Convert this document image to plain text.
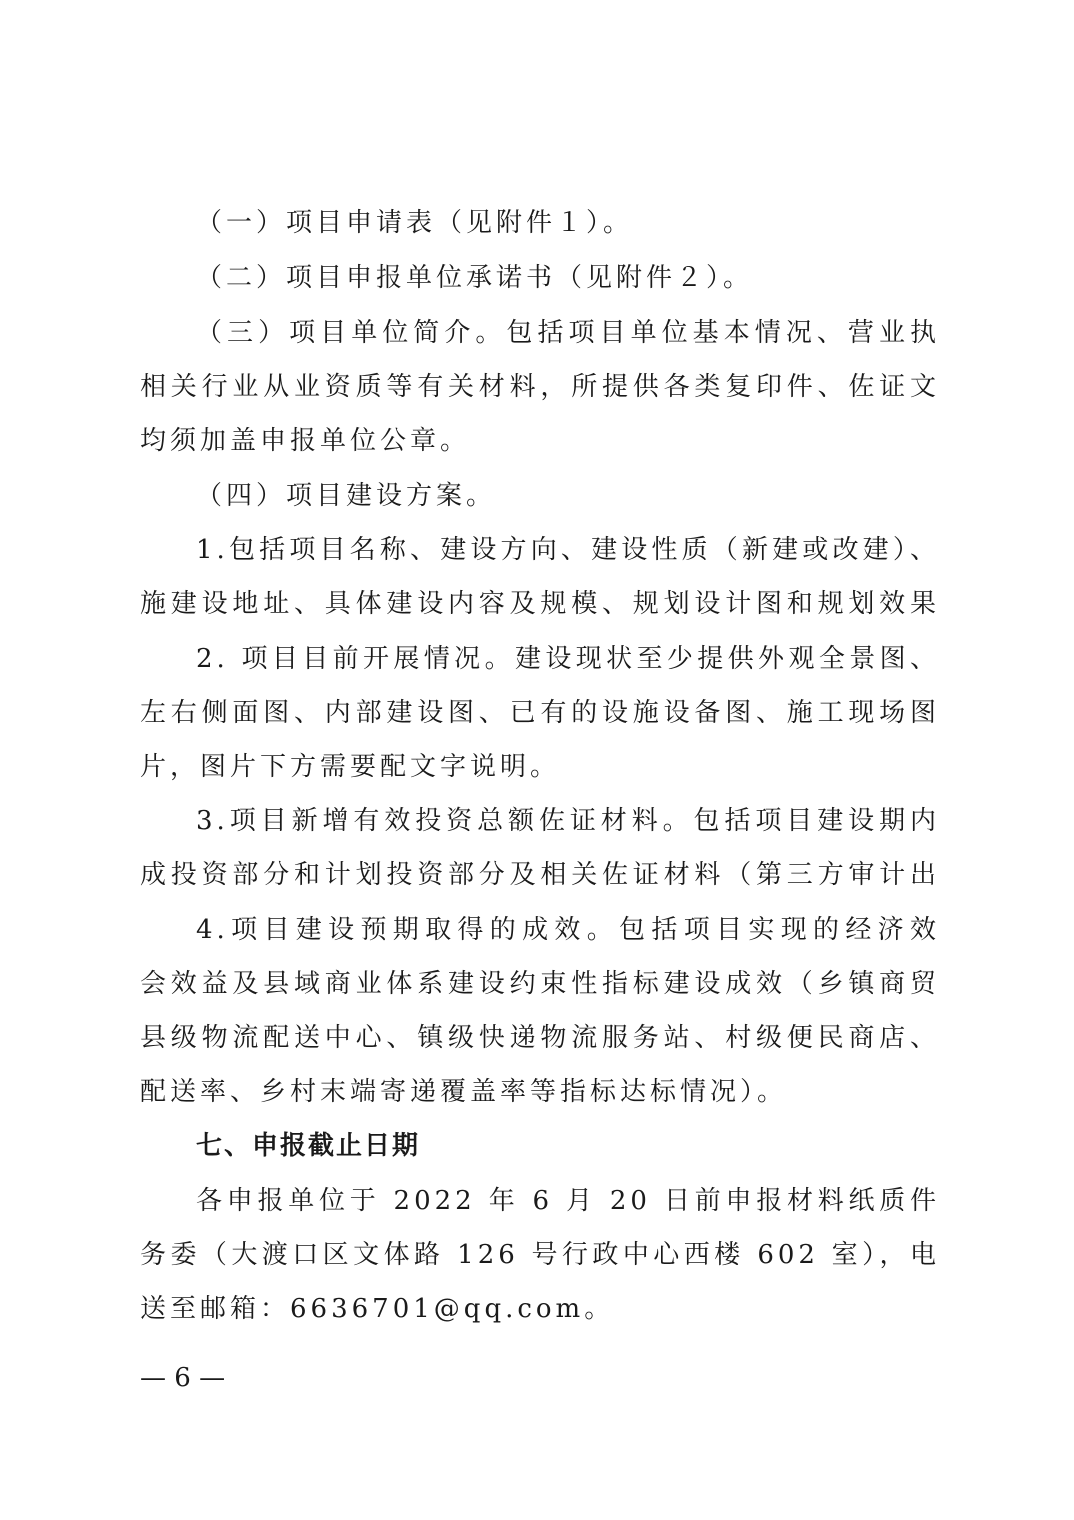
（一）项目申请表（见附件１）。
（二）项目申报单位承诺书（见附件２）。
（三）项目单位简介。包括项目单位基本情况、营业执
相关行业从业资质等有关材料，所提供各类复印件、佐证文
均须加盖申报单位公章。
（四）项目建设方案。
1.包括项目名称、建设方向、建设性质（新建或改建）、
施建设地址、具体建设内容及规模、规划设计图和规划效果
2. 项目目前开展情况。建设现状至少提供外观全景图、
左右侧面图、内部建设图、已有的设施设备图、施工现场图
片，图片下方需要配文字说明。
3.项目新增有效投资总额佐证材料。包括项目建设期内
成投资部分和计划投资部分及相关佐证材料（第三方审计出
4.项目建设预期取得的成效。包括项目实现的经济效
会效益及县域商业体系建设约束性指标建设成效（乡镇商贸
县级物流配送中心、镇级快递物流服务站、村级便民商店、
配送率、乡村末端寄递覆盖率等指标达标情况）。
七、申报截止日期
各申报单位于 2022 年 6 月 20 日前申报材料纸质件
务委（大渡口区文体路 126 号行政中心西楼 602 室），电
送至邮箱：6636701@qq.com。
— 6 —
